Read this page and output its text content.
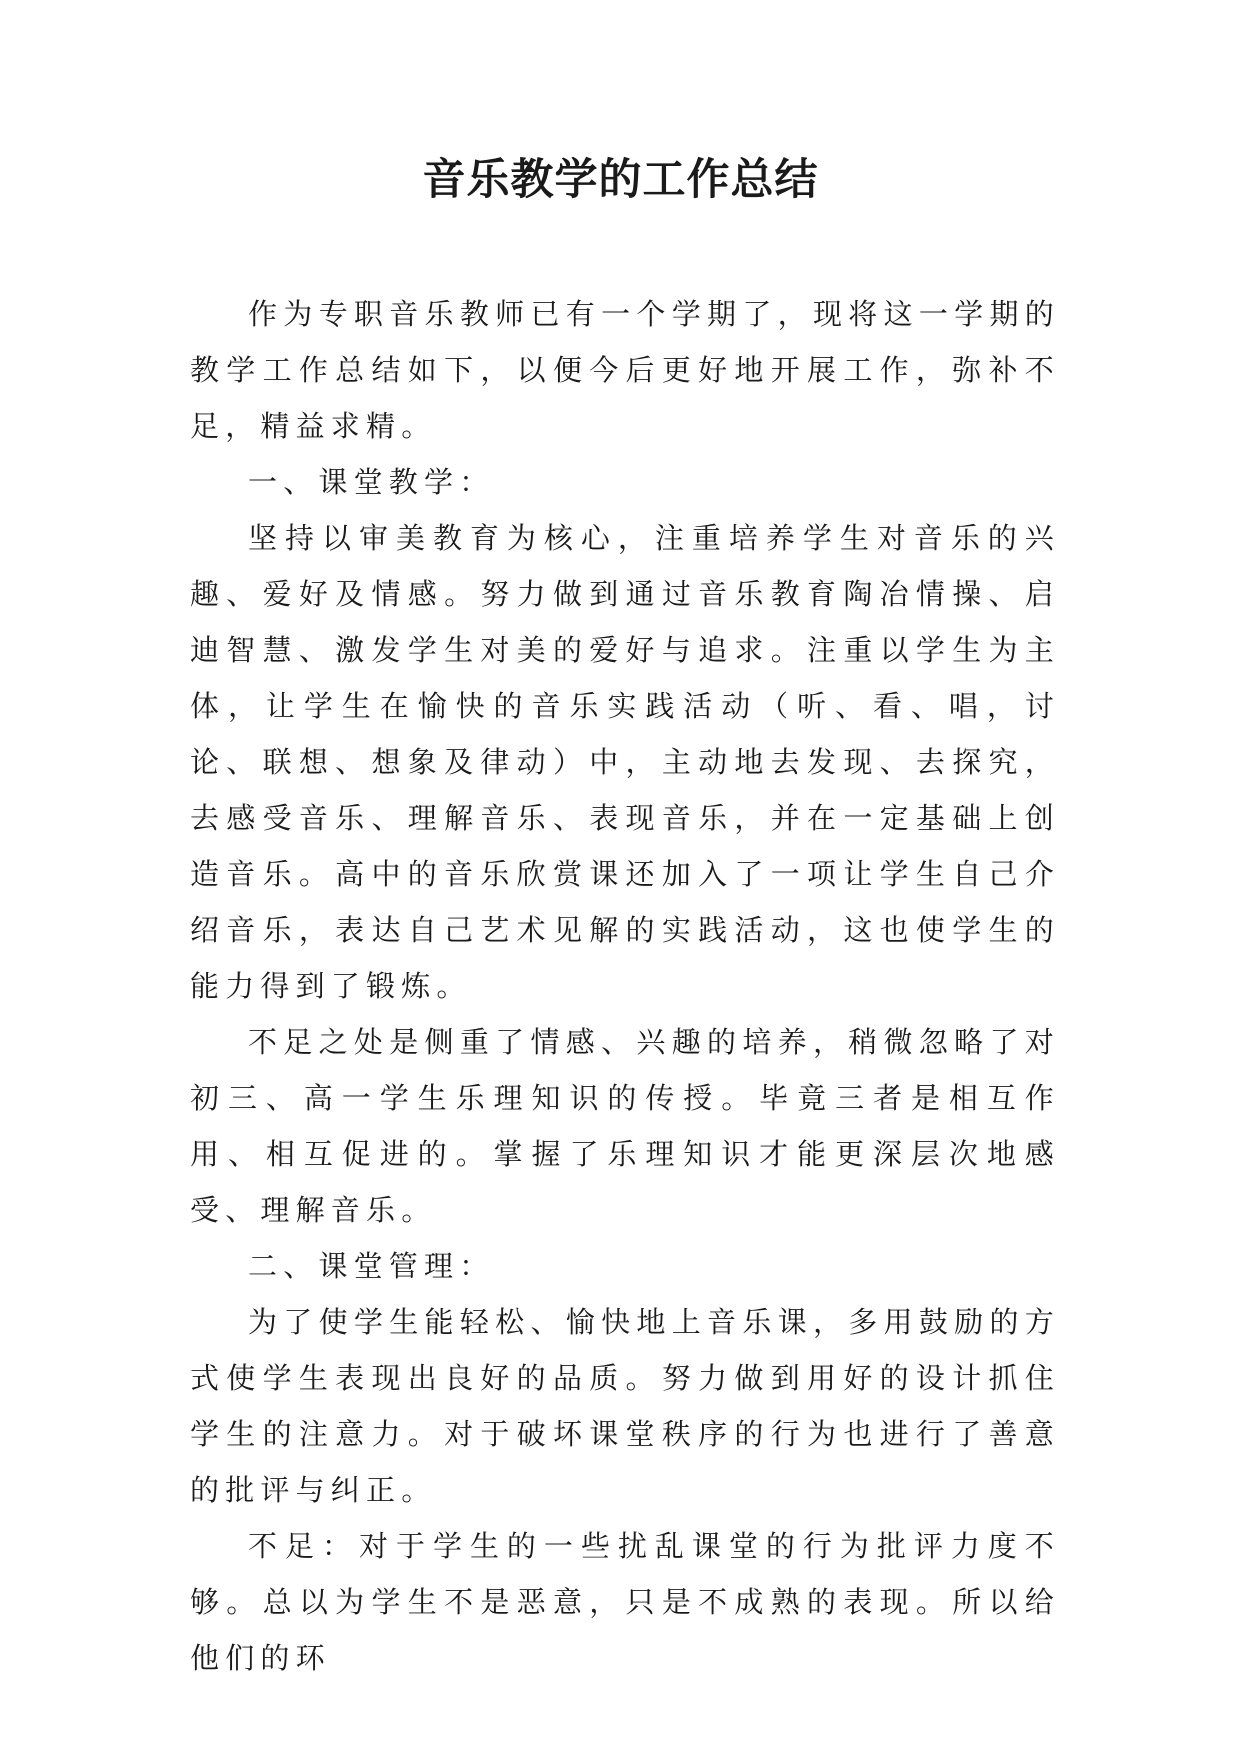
音乐教学的工作总结

作为专职音乐教师已有一个学期了，现将这一学期的教学工作总结如下，以便今后更好地开展工作，弥补不足，精益求精。

一、课堂教学：

坚持以审美教育为核心，注重培养学生对音乐的兴趣、爱好及情感。努力做到通过音乐教育陶冶情操、启迪智慧、激发学生对美的爱好与追求。注重以学生为主体，让学生在愉快的音乐实践活动（听、看、唱，讨论、联想、想象及律动）中，主动地去发现、去探究，去感受音乐、理解音乐、表现音乐，并在一定基础上创造音乐。高中的音乐欣赏课还加入了一项让学生自己介绍音乐，表达自己艺术见解的实践活动，这也使学生的能力得到了锻炼。

不足之处是侧重了情感、兴趣的培养，稍微忽略了对初三、高一学生乐理知识的传授。毕竟三者是相互作用、相互促进的。掌握了乐理知识才能更深层次地感受、理解音乐。

二、课堂管理：

为了使学生能轻松、愉快地上音乐课，多用鼓励的方式使学生表现出良好的品质。努力做到用好的设计抓住学生的注意力。对于破坏课堂秩序的行为也进行了善意的批评与纠正。

不足：对于学生的一些扰乱课堂的行为批评力度不够。总以为学生不是恶意，只是不成熟的表现。所以给他们的环
